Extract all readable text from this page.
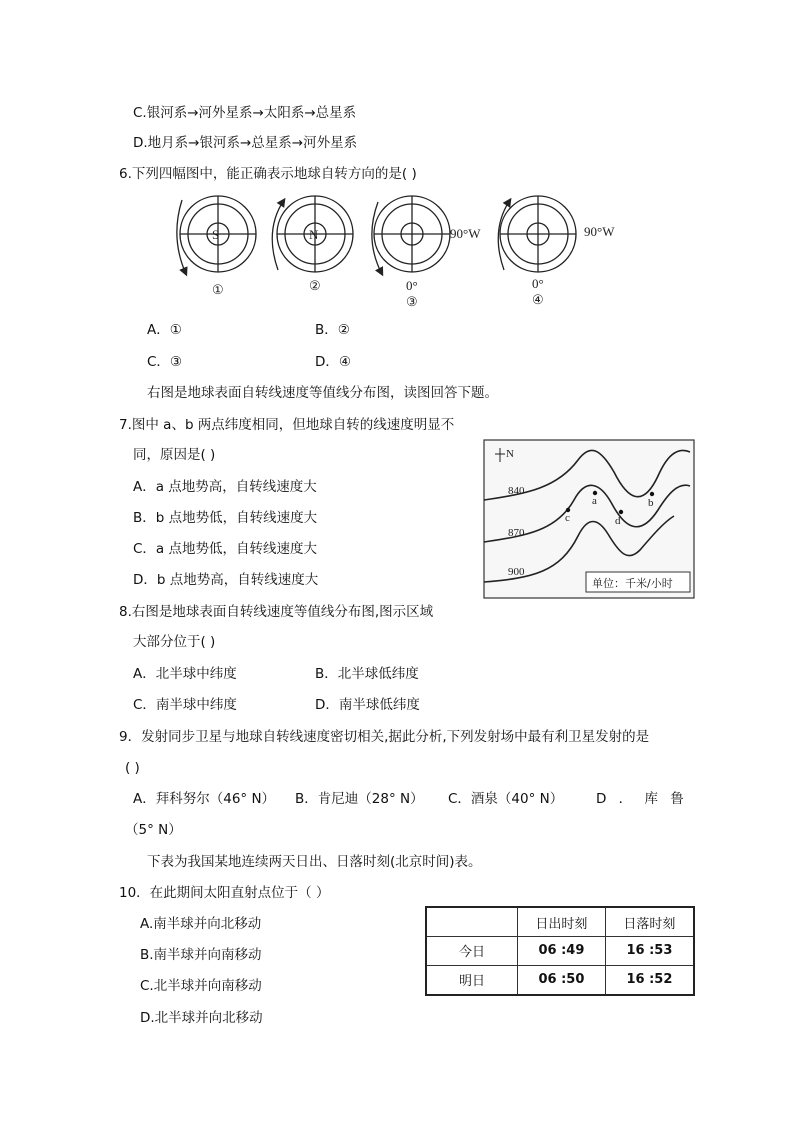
C.银河系→河外星系→太阳系→总星系
D.地月系→银河系→总星系→河外星系
6.下列四幅图中，能正确表示地球自转方向的是( )
S	N	90°W	90°W
0°	0°
①	②
③	④
A．①	B．②
C．③	D．④
右图是地球表面自转线速度等值线分布图，读图回答下题。
7.图中 a、b 两点纬度相同，但地球自转的线速度明显不
同，原因是( )
A．a 点地势高，自转线速度大
B．b 点地势低，自转线速度大
C．a 点地势低，自转线速度大
D．b 点地势高，自转线速度大
N
840
870
900
a	b
c	d
单位：千米/小时
8.右图是地球表面自转线速度等值线分布图,图示区域
大部分位于( )
A．北半球中纬度	B．北半球低纬度
C．南半球中纬度	D．南半球低纬度
9．发射同步卫星与地球自转线速度密切相关,据此分析,下列发射场中最有利卫星发射的是
( )
A．拜科努尔（46° N） B．肯尼迪（28° N） C．酒泉（40° N） D ． 库 鲁
（5° N）
下表为我国某地连续两天日出、日落时刻(北京时间)表。
10．在此期间太阳直射点位于（ ）
A.南半球并向北移动
B.南半球并向南移动
C.北半球并向南移动
D.北半球并向北移动
	日出时刻	日落时刻
今日	06 :49	16 :53
明日	06 :50	16 :52
